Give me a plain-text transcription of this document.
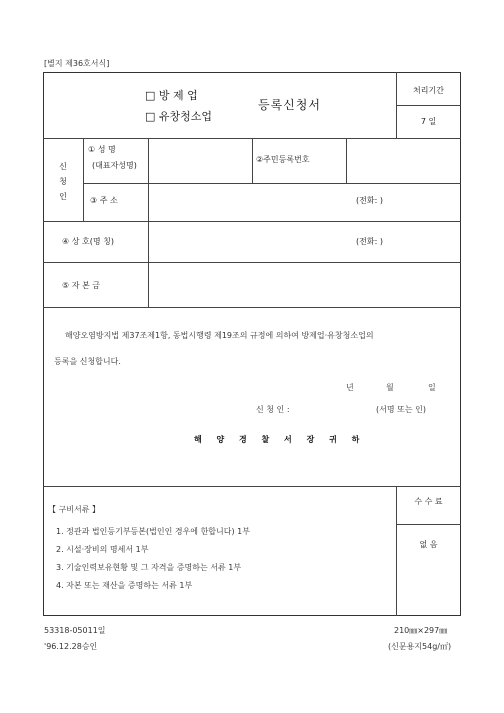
[별지 제36호서식]
□ 방 제 업
□ 유창청소업
등록신청서
처리기간
7 일
신
청
인
① 성 명
(대표자성명)
②주민등록번호
③ 주 소	(전화: )
④ 상 호(명 칭)	(전화: )
⑤ 자 본 금
해양오염방지법 제37조제1항, 동법시행령 제19조의 규정에 의하여 방제업·유창청소업의
등록을 신청합니다.
년	월	일
신 청 인 :	(서명 또는 인)
해 양 경 찰 서 장 귀 하
【 구비서류 】
1. 정관과 법인등기부등본(법인인 경우에 한합니다) 1부
2. 시설·장비의 명세서 1부
3. 기술인력보유현황 및 그 자격을 증명하는 서류 1부
4. 자본 또는 재산을 증명하는 서류 1부
수 수 료
없 음
53318-05011일
'96.12.28승인
210㎜×297㎜
(신문용지54g/㎡)
